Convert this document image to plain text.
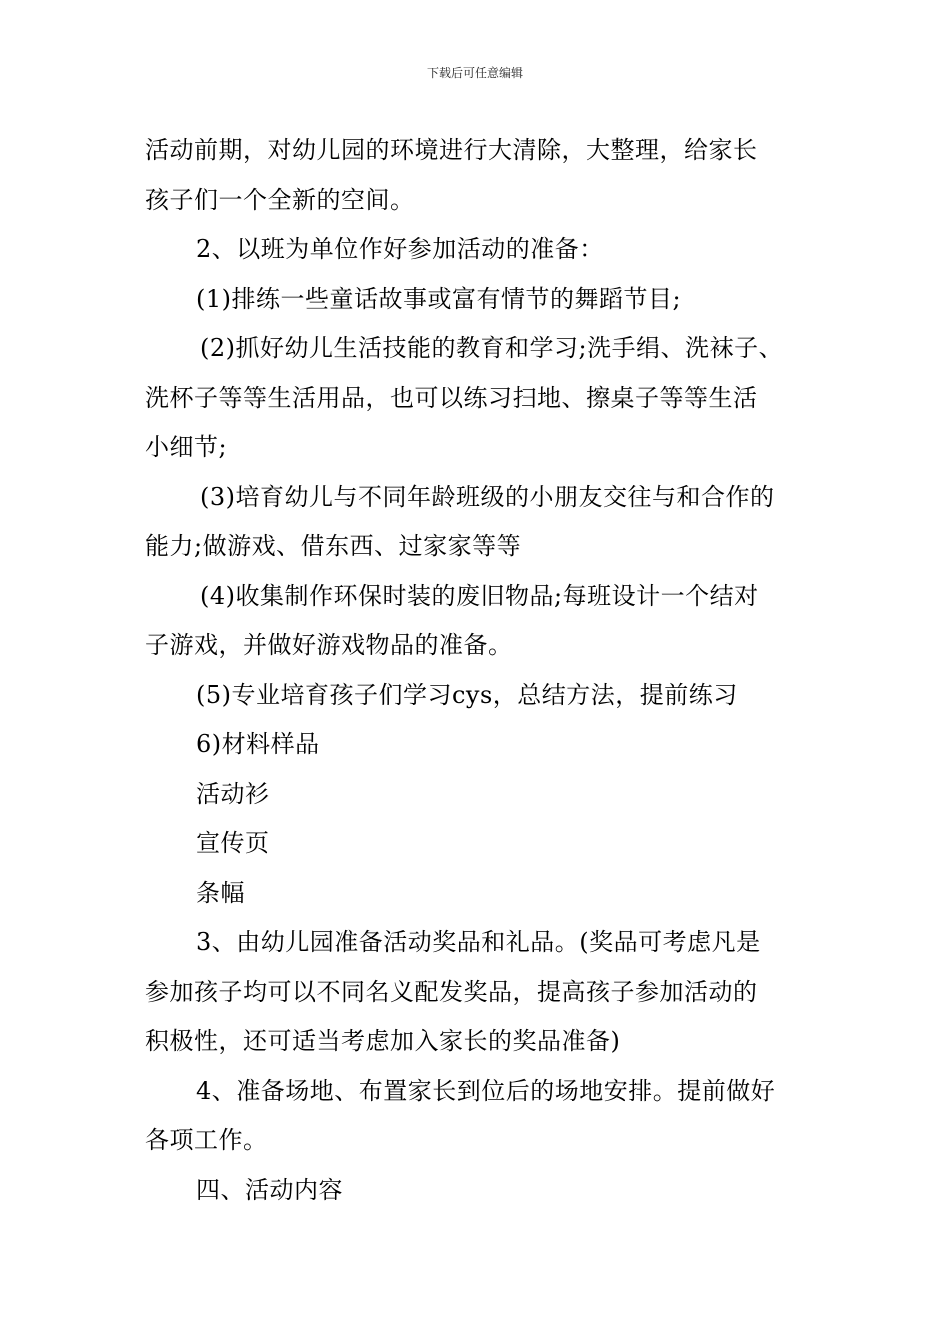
下载后可任意编辑
活动前期，对幼儿园的环境进行大清除，大整理，给家长
孩子们一个全新的空间。
2、以班为单位作好参加活动的准备：
(1)排练一些童话故事或富有情节的舞蹈节目;
(2)抓好幼儿生活技能的教育和学习;洗手绢、洗袜子、
洗杯子等等生活用品，也可以练习扫地、擦桌子等等生活
小细节;
(3)培育幼儿与不同年龄班级的小朋友交往与和合作的
能力;做游戏、借东西、过家家等等
(4)收集制作环保时装的废旧物品;每班设计一个结对
子游戏，并做好游戏物品的准备。
(5)专业培育孩子们学习cys，总结方法，提前练习
6)材料样品
活动衫
宣传页
条幅
3、由幼儿园准备活动奖品和礼品。(奖品可考虑凡是
参加孩子均可以不同名义配发奖品，提高孩子参加活动的
积极性，还可适当考虑加入家长的奖品准备)
4、准备场地、布置家长到位后的场地安排。提前做好
各项工作。
四、活动内容
